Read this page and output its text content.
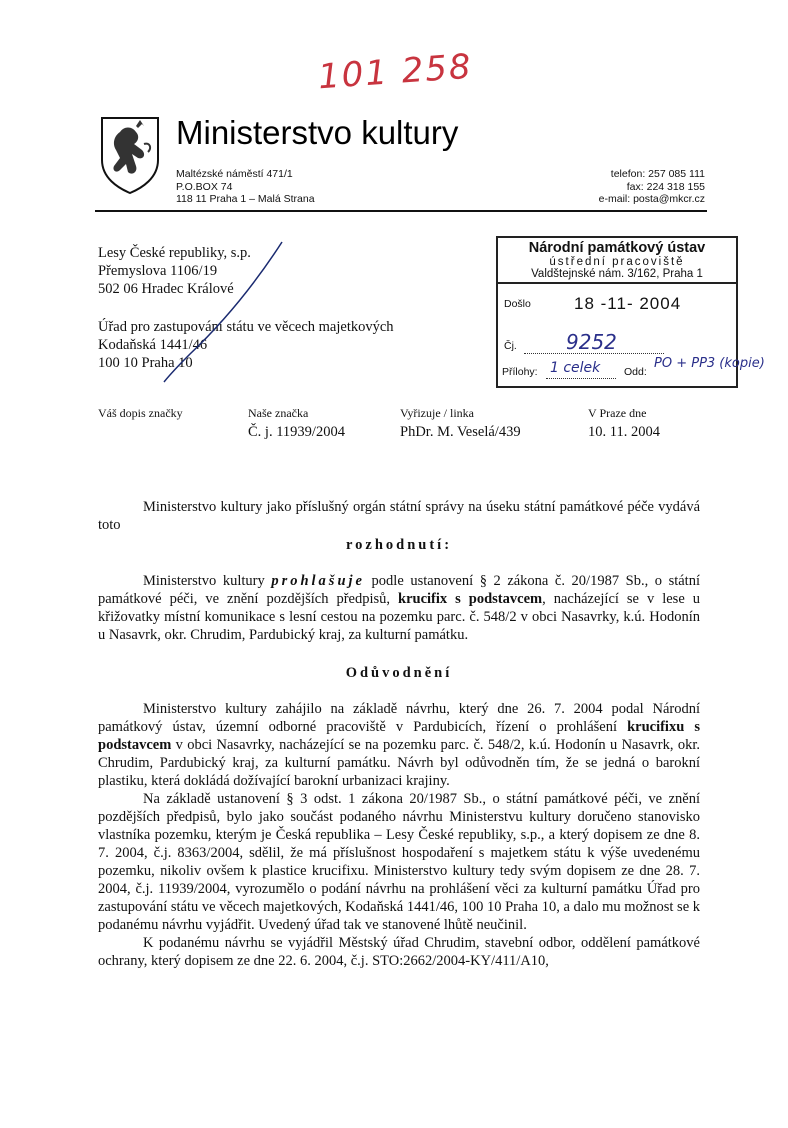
101 258
Ministerstvo kultury
Maltézské náměstí 471/1
P.O.BOX 74
118 11 Praha 1 – Malá Strana
telefon: 257 085 111
fax: 224 318 155
e-mail: posta@mkcr.cz
Lesy České republiky, s.p.
Přemyslova 1106/19
502 06 Hradec Králové
Úřad pro zastupování státu ve věcech majetkových
Kodaňská 1441/46
100 10 Praha 10
Národní památkový ústav
ústřední pracoviště
Valdštejnské nám. 3/162, Praha 1
Došlo	18 -11- 2004
Čj. 9252
Přílohy: 1 celek Odd:
PO + PP3 (kopie)
Váš dopis značky	Naše značka
Č. j. 11939/2004
Vyřizuje / linka
PhDr. M. Veselá/439
V Praze dne
10. 11. 2004

Ministerstvo kultury jako příslušný orgán státní správy na úseku státní památkové péče vydává toto

rozhodnutí:

Ministerstvo kultury prohlašuje podle ustanovení § 2 zákona č. 20/1987 Sb., o státní památkové péči, ve znění pozdějších předpisů, krucifix s podstavcem, nacházející se v lese u křižovatky místní komunikace s lesní cestou na pozemku parc. č. 548/2 v obci Nasavrky, k.ú. Hodonín u Nasavrk, okr. Chrudim, Pardubický kraj, za kulturní památku.

Odůvodnění

Ministerstvo kultury zahájilo na základě návrhu, který dne 26. 7. 2004 podal Národní památkový ústav, územní odborné pracoviště v Pardubicích, řízení o prohlášení krucifixu s podstavcem v obci Nasavrky, nacházející se na pozemku parc. č. 548/2, k.ú. Hodonín u Nasavrk, okr. Chrudim, Pardubický kraj, za kulturní památku. Návrh byl odůvodněn tím, že se jedná o barokní plastiku, která dokládá dožívající barokní urbanizaci krajiny.

Na základě ustanovení § 3 odst. 1 zákona 20/1987 Sb., o státní památkové péči, ve znění pozdějších předpisů, bylo jako součást podaného návrhu Ministerstvu kultury doručeno stanovisko vlastníka pozemku, kterým je Česká republika – Lesy České republiky, s.p., a který dopisem ze dne 8. 7. 2004, č.j. 8363/2004, sdělil, že má příslušnost hospodaření s majetkem státu k výše uvedenému pozemku, nikoliv ovšem k plastice krucifixu. Ministerstvo kultury tedy svým dopisem ze dne 28. 7. 2004, č.j. 11939/2004, vyrozumělo o podání návrhu na prohlášení věci za kulturní památku Úřad pro zastupování státu ve věcech majetkových, Kodaňská 1441/46, 100 10 Praha 10, a dalo mu možnost se k podanému návrhu vyjádřit. Uvedený úřad tak ve stanovené lhůtě neučinil.

K podanému návrhu se vyjádřil Městský úřad Chrudim, stavební odbor, oddělení památkové ochrany, který dopisem ze dne 22. 6. 2004, č.j. STO:2662/2004-KY/411/A10,
